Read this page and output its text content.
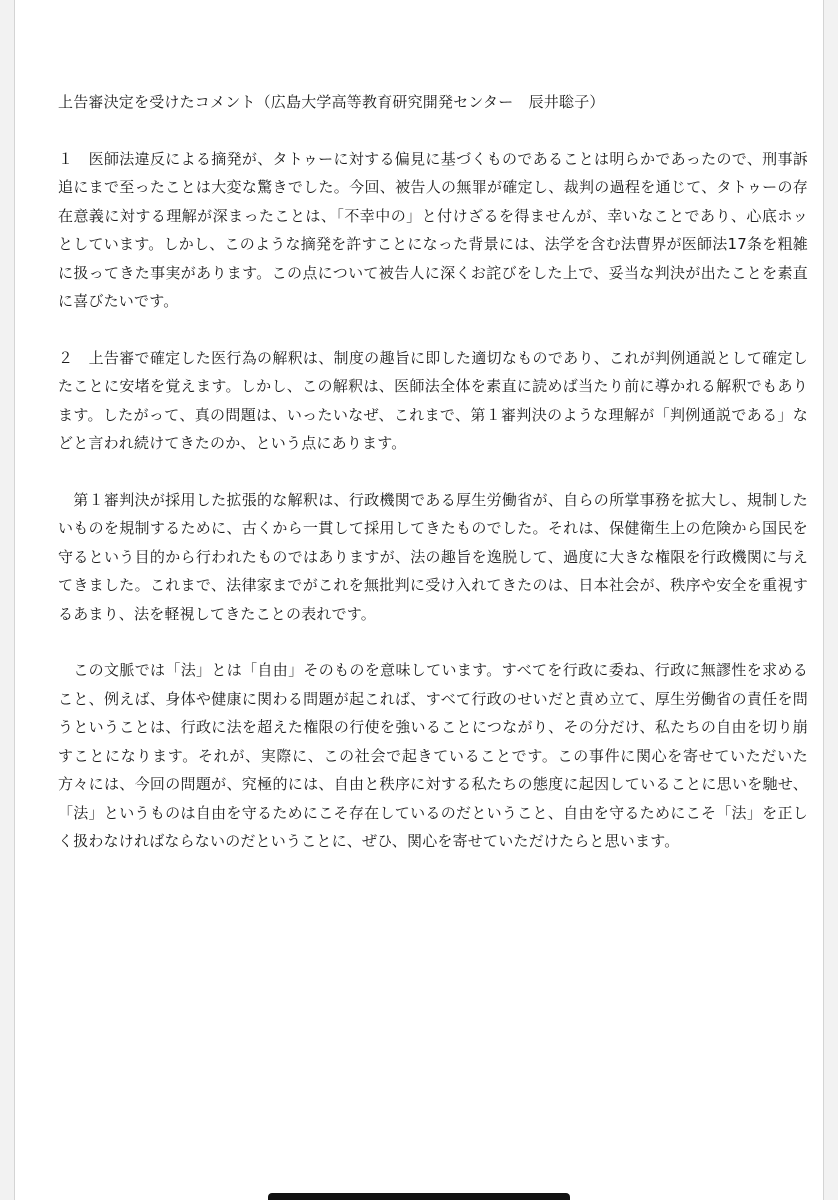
上告審決定を受けたコメント（広島大学高等教育研究開発センター　辰井聡子）

１　医師法違反による摘発が、タトゥーに対する偏見に基づくものであることは明らかであったので、刑事訴追にまで至ったことは大変な驚きでした。今回、被告人の無罪が確定し、裁判の過程を通じて、タトゥーの存在意義に対する理解が深まったことは、「不幸中の」と付けざるを得ませんが、幸いなことであり、心底ホッとしています。しかし、このような摘発を許すことになった背景には、法学を含む法曹界が医師法17条を粗雑に扱ってきた事実があります。この点について被告人に深くお詫びをした上で、妥当な判決が出たことを素直に喜びたいです。

２　上告審で確定した医行為の解釈は、制度の趣旨に即した適切なものであり、これが判例通説として確定したことに安堵を覚えます。しかし、この解釈は、医師法全体を素直に読めば当たり前に導かれる解釈でもあります。したがって、真の問題は、いったいなぜ、これまで、第１審判決のような理解が「判例通説である」などと言われ続けてきたのか、という点にあります。

　第１審判決が採用した拡張的な解釈は、行政機関である厚生労働省が、自らの所掌事務を拡大し、規制したいものを規制するために、古くから一貫して採用してきたものでした。それは、保健衛生上の危険から国民を守るという目的から行われたものではありますが、法の趣旨を逸脱して、過度に大きな権限を行政機関に与えてきました。これまで、法律家までがこれを無批判に受け入れてきたのは、日本社会が、秩序や安全を重視するあまり、法を軽視してきたことの表れです。

　この文脈では「法」とは「自由」そのものを意味しています。すべてを行政に委ね、行政に無謬性を求めること、例えば、身体や健康に関わる問題が起これば、すべて行政のせいだと責め立て、厚生労働省の責任を問うということは、行政に法を超えた権限の行使を強いることにつながり、その分だけ、私たちの自由を切り崩すことになります。それが、実際に、この社会で起きていることです。この事件に関心を寄せていただいた方々には、今回の問題が、究極的には、自由と秩序に対する私たちの態度に起因していることに思いを馳せ、「法」というものは自由を守るためにこそ存在しているのだということ、自由を守るためにこそ「法」を正しく扱わなければならないのだということに、ぜひ、関心を寄せていただけたらと思います。
